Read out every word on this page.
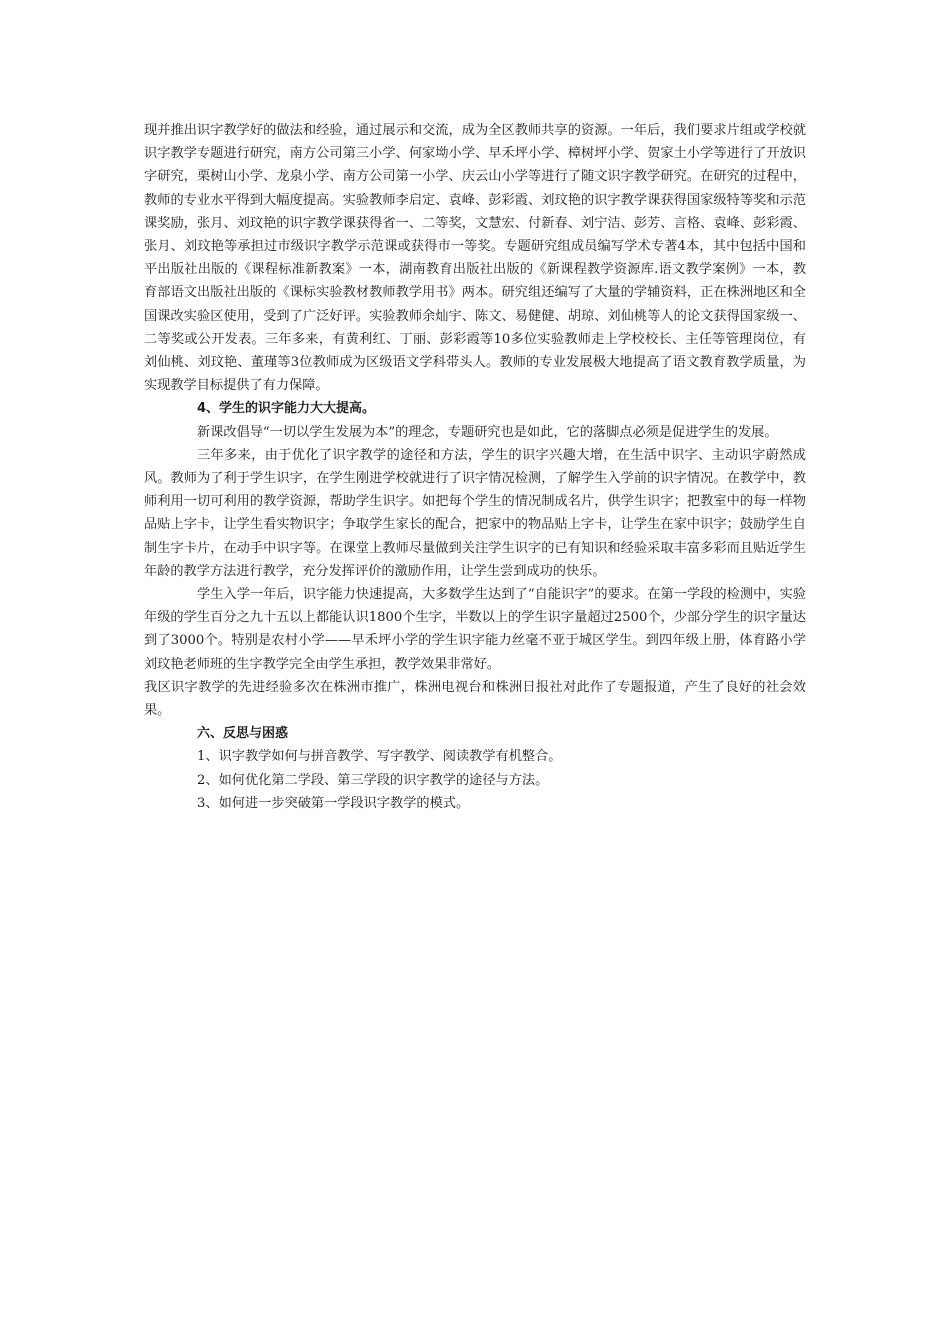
现并推出识字教学好的做法和经验，通过展示和交流，成为全区教师共享的资源。一年后，我们要求片组或学校就识字教学专题进行研究，南方公司第三小学、何家坳小学、早禾坪小学、樟树坪小学、贺家土小学等进行了开放识字研究，栗树山小学、龙泉小学、南方公司第一小学、庆云山小学等进行了随文识字教学研究。在研究的过程中，教师的专业水平得到大幅度提高。实验教师李启定、袁峰、彭彩霞、刘玟艳的识字教学课获得国家级特等奖和示范课奖励，张月、刘玟艳的识字教学课获得省一、二等奖，文慧宏、付新春、刘宁洁、彭芳、言格、袁峰、彭彩霞、张月、刘玟艳等承担过市级识字教学示范课或获得市一等奖。专题研究组成员编写学术专著4本，其中包括中国和平出版社出版的《课程标准新教案》一本，湖南教育出版社出版的《新课程教学资源库.语文教学案例》一本，教育部语文出版社出版的《课标实验教材教师教学用书》两本。研究组还编写了大量的学辅资料，正在株洲地区和全国课改实验区使用，受到了广泛好评。实验教师余灿宇、陈文、易健健、胡琼、刘仙桃等人的论文获得国家级一、二等奖或公开发表。三年多来，有黄利红、丁丽、彭彩霞等10多位实验教师走上学校校长、主任等管理岗位，有刘仙桃、刘玟艳、董瑾等3位教师成为区级语文学科带头人。教师的专业发展极大地提高了语文教育教学质量，为实现教学目标提供了有力保障。

4、学生的识字能力大大提高。

新课改倡导“一切以学生发展为本”的理念，专题研究也是如此，它的落脚点必须是促进学生的发展。

三年多来，由于优化了识字教学的途径和方法，学生的识字兴趣大增，在生活中识字、主动识字蔚然成风。教师为了利于学生识字，在学生刚进学校就进行了识字情况检测，了解学生入学前的识字情况。在教学中，教师利用一切可利用的教学资源，帮助学生识字。如把每个学生的情况制成名片，供学生识字；把教室中的每一样物品贴上字卡，让学生看实物识字；争取学生家长的配合，把家中的物品贴上字卡，让学生在家中识字；鼓励学生自制生字卡片，在动手中识字等。在课堂上教师尽量做到关注学生识字的已有知识和经验采取丰富多彩而且贴近学生年龄的教学方法进行教学，充分发挥评价的激励作用，让学生尝到成功的快乐。

学生入学一年后，识字能力快速提高，大多数学生达到了“自能识字”的要求。在第一学段的检测中，实验年级的学生百分之九十五以上都能认识1800个生字，半数以上的学生识字量超过2500个，少部分学生的识字量达到了3000个。特别是农村小学——早禾坪小学的学生识字能力丝毫不亚于城区学生。到四年级上册，体育路小学刘玟艳老师班的生字教学完全由学生承担，教学效果非常好。

我区识字教学的先进经验多次在株洲市推广，株洲电视台和株洲日报社对此作了专题报道，产生了良好的社会效果。

六、反思与困惑

1、识字教学如何与拼音教学、写字教学、阅读教学有机整合。

2、如何优化第二学段、第三学段的识字教学的途径与方法。

3、如何进一步突破第一学段识字教学的模式。
